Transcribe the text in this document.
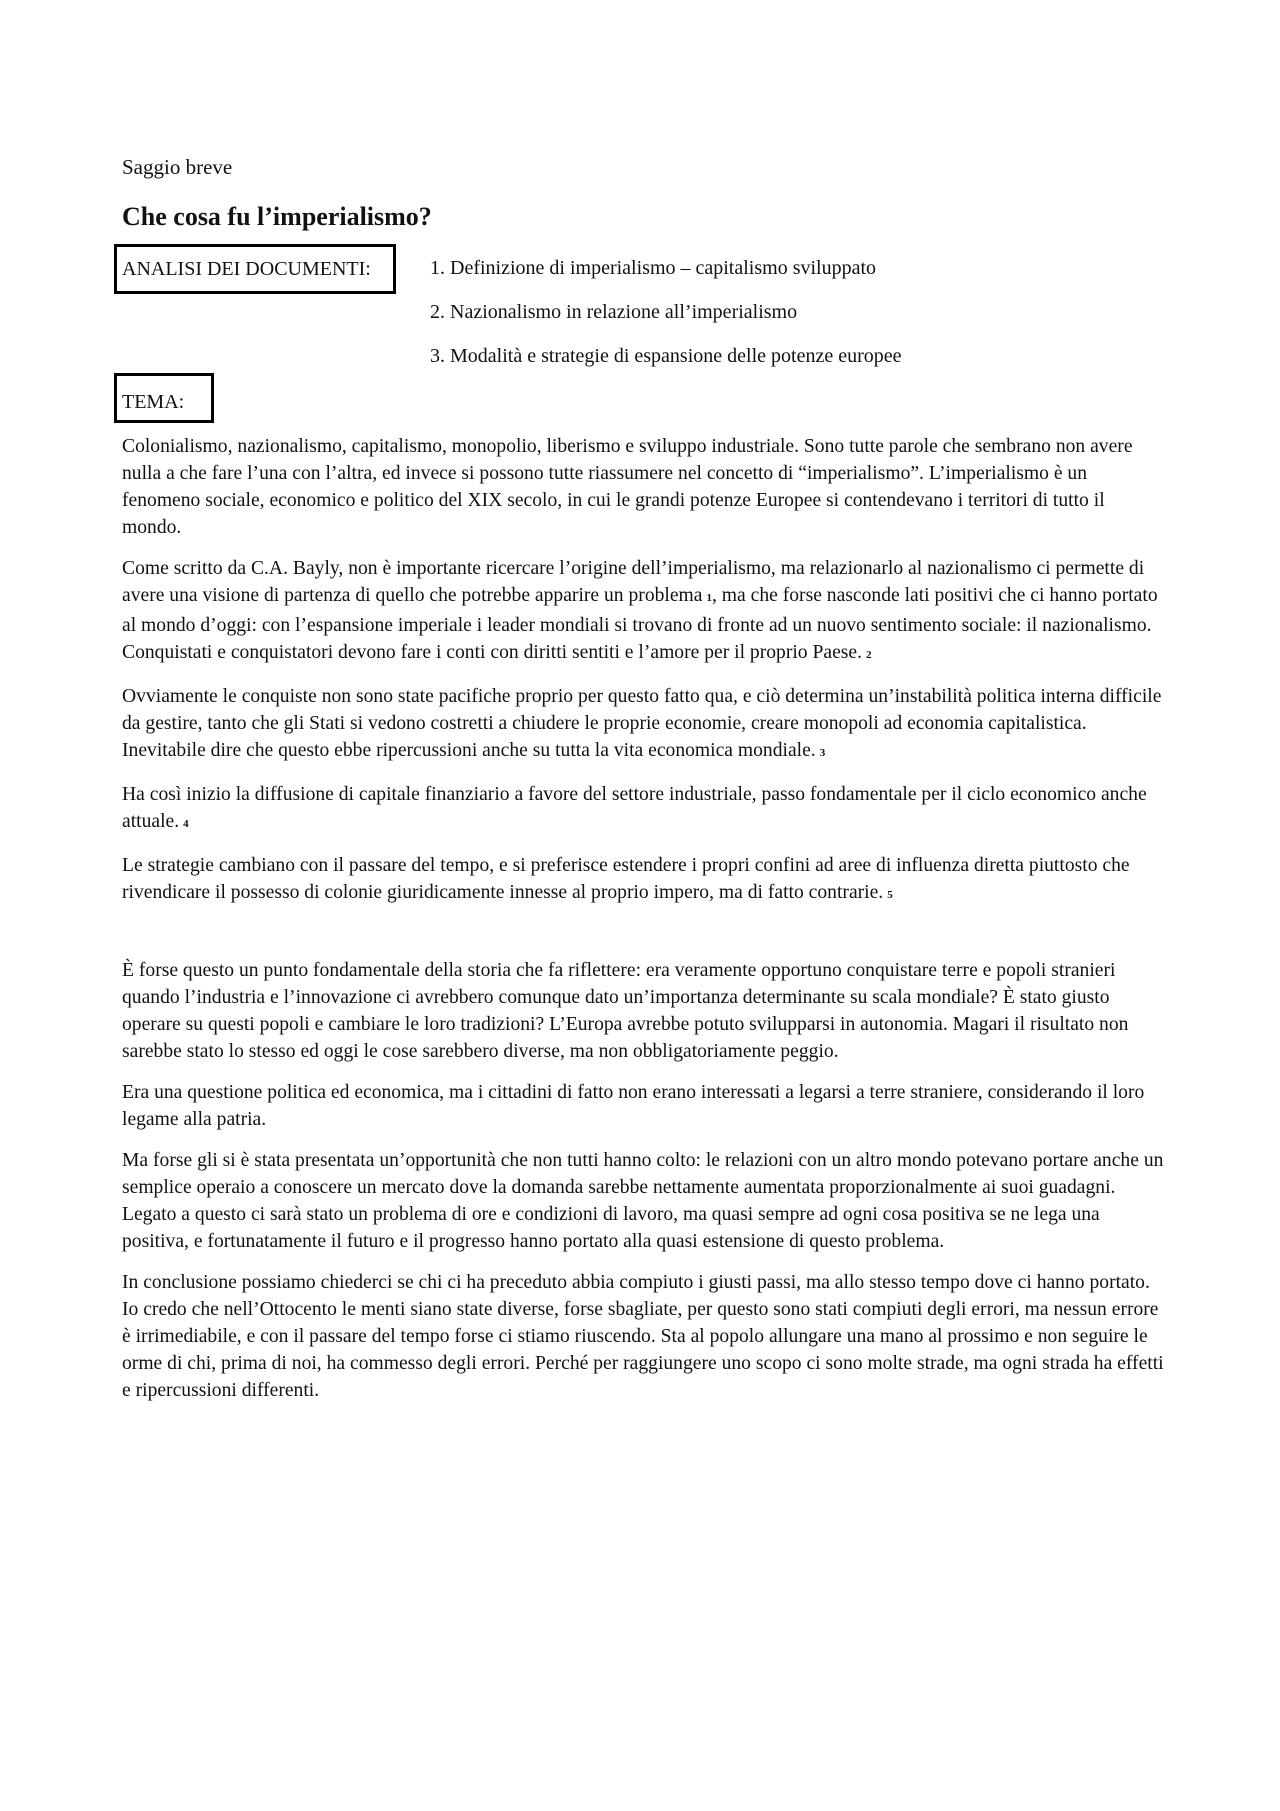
Saggio breve
Che cosa fu l’imperialismo?
ANALISI DEI DOCUMENTI:	1. Definizione di imperialismo – capitalismo sviluppato
2. Nazionalismo in relazione all’imperialismo
3. Modalità e strategie di espansione delle potenze europee
TEMA:

Colonialismo, nazionalismo, capitalismo, monopolio, liberismo e sviluppo industriale. Sono tutte parole che sembrano non avere nulla a che fare l’una con l’altra, ed invece si possono tutte riassumere nel concetto di “imperialismo”. L’imperialismo è un fenomeno sociale, economico e politico del XIX secolo, in cui le grandi potenze Europee si contendevano i territori di tutto il mondo.

Come scritto da C.A. Bayly, non è importante ricercare l’origine dell’imperialismo, ma relazionarlo al nazionalismo ci permette di avere una visione di partenza di quello che potrebbe apparire un problema 1, ma che forse nasconde lati positivi che ci hanno portato al mondo d’oggi: con l’espansione imperiale i leader mondiali si trovano di fronte ad un nuovo sentimento sociale: il nazionalismo. Conquistati e conquistatori devono fare i conti con diritti sentiti e l’amore per il proprio Paese. 2

Ovviamente le conquiste non sono state pacifiche proprio per questo fatto qua, e ciò determina un’instabilità politica interna difficile da gestire, tanto che gli Stati si vedono costretti a chiudere le proprie economie, creare monopoli ad economia capitalistica. Inevitabile dire che questo ebbe ripercussioni anche su tutta la vita economica mondiale. 3

Ha così inizio la diffusione di capitale finanziario a favore del settore industriale, passo fondamentale per il ciclo economico anche attuale. 4

Le strategie cambiano con il passare del tempo, e si preferisce estendere i propri confini ad aree di influenza diretta piuttosto che rivendicare il possesso di colonie giuridicamente innesse al proprio impero, ma di fatto contrarie. 5

È forse questo un punto fondamentale della storia che fa riflettere: era veramente opportuno conquistare terre e popoli stranieri quando l’industria e l’innovazione ci avrebbero comunque dato un’importanza determinante su scala mondiale? È stato giusto operare su questi popoli e cambiare le loro tradizioni? L’Europa avrebbe potuto svilupparsi in autonomia. Magari il risultato non sarebbe stato lo stesso ed oggi le cose sarebbero diverse, ma non obbligatoriamente peggio.

Era una questione politica ed economica, ma i cittadini di fatto non erano interessati a legarsi a terre straniere, considerando il loro legame alla patria.

Ma forse gli si è stata presentata un’opportunità che non tutti hanno colto: le relazioni con un altro mondo potevano portare anche un semplice operaio a conoscere un mercato dove la domanda sarebbe nettamente aumentata proporzionalmente ai suoi guadagni. Legato a questo ci sarà stato un problema di ore e condizioni di lavoro, ma quasi sempre ad ogni cosa positiva se ne lega una positiva, e fortunatamente il futuro e il progresso hanno portato alla quasi estensione di questo problema.

In conclusione possiamo chiederci se chi ci ha preceduto abbia compiuto i giusti passi, ma allo stesso tempo dove ci hanno portato. Io credo che nell’Ottocento le menti siano state diverse, forse sbagliate, per questo sono stati compiuti degli errori, ma nessun errore è irrimediabile, e con il passare del tempo forse ci stiamo riuscendo. Sta al popolo allungare una mano al prossimo e non seguire le orme di chi, prima di noi, ha commesso degli errori. Perché per raggiungere uno scopo ci sono molte strade, ma ogni strada ha effetti e ripercussioni differenti.
